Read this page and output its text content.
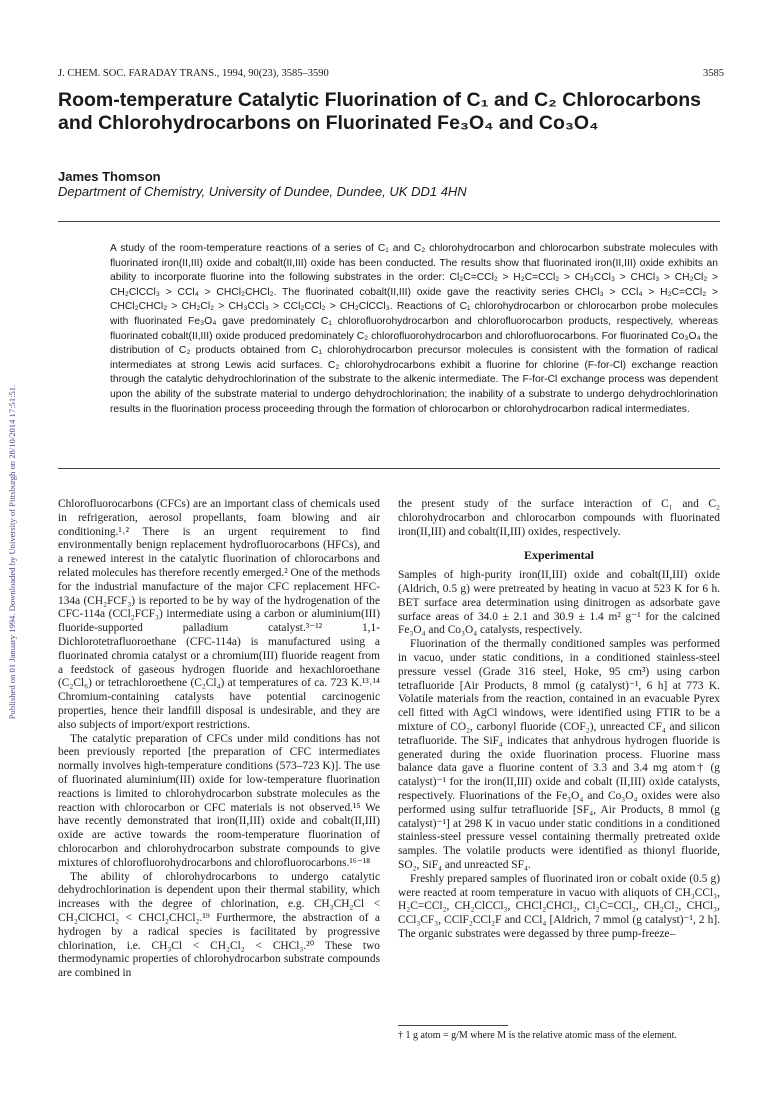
Published on 01 January 1994. Downloaded by University of Pittsburgh on 28/10/2014 17:51:51.
J. CHEM. SOC. FARADAY TRANS., 1994, 90(23), 3585–3590	3585
Room-temperature Catalytic Fluorination of C₁ and C₂ Chlorocarbons and Chlorohydrocarbons on Fluorinated Fe₃O₄ and Co₃O₄
James Thomson
Department of Chemistry, University of Dundee, Dundee, UK DD1 4HN
A study of the room-temperature reactions of a series of C₁ and C₂ chlorohydrocarbon and chlorocarbon substrate molecules with fluorinated iron(II,III) oxide and cobalt(II,III) oxide has been conducted. The results show that fluorinated iron(II,III) oxide exhibits an ability to incorporate fluorine into the following substrates in the order: Cl₂C=CCl₂ > H₂C=CCl₂ > CH₃CCl₃ > CHCl₃ > CH₂Cl₂ > CH₂ClCCl₃ > CCl₄ > CHCl₂CHCl₂. The fluorinated cobalt(II,III) oxide gave the reactivity series CHCl₃ > CCl₄ > H₂C=CCl₂ > CHCl₂CHCl₂ > CH₂Cl₂ > CH₃CCl₃ > CCl₂CCl₂ > CH₂ClCCl₃. Reactions of C₁ chlorohydrocarbon or chlorocarbon probe molecules with fluorinated Fe₃O₄ gave predominately C₁ chlorofluorohydrocarbon and chlorofluorocarbon products, respectively, whereas fluorinated cobalt(II,III) oxide produced predominately C₂ chlorofluorohydrocarbon and chlorofluorocarbons. For fluorinated Co₃O₄ the distribution of C₂ products obtained from C₁ chlorohydrocarbon precursor molecules is consistent with the formation of radical intermediates at strong Lewis acid surfaces. C₂ chlorohydrocarbons exhibit a fluorine for chlorine (F-for-Cl) exchange reaction through the catalytic dehydrochlorination of the substrate to the alkenic intermediate. The F-for-Cl exchange process was dependent upon the ability of the substrate material to undergo dehydrochlorination; the inability of a substrate to undergo dehydrochlorination results in the fluorination process proceeding through the formation of chlorocarbon or chlorohydrocarbon radical intermediates.

Chlorofluorocarbons (CFCs) are an important class of chemicals used in refrigeration, aerosol propellants, foam blowing and air conditioning.¹˒² There is an urgent requirement to find environmentally benign replacement hydrofluorocarbons (HFCs), and a renewed interest in the catalytic fluorination of chlorocarbons and related molecules has therefore recently emerged.² One of the methods for the industrial manufacture of the major CFC replacement HFC-134a (CH₂FCF₃) is reported to be by way of the hydrogenation of the CFC-114a (CCl₂FCF₃) intermediate using a carbon or aluminium(III) fluoride-supported palladium catalyst.³⁻¹² 1,1-Dichlorotetrafluoroethane (CFC-114a) is manufactured using a fluorinated chromia catalyst or a chromium(III) fluoride reagent from a feedstock of gaseous hydrogen fluoride and hexachloroethane (C₂Cl₆) or tetrachloroethene (C₂Cl₄) at temperatures of ca. 723 K.¹³˒¹⁴ Chromium-containing catalysts have potential carcinogenic properties, hence their landfill disposal is undesirable, and they are also subjects of import/export restrictions.

The catalytic preparation of CFCs under mild conditions has not been previously reported [the preparation of CFC intermediates normally involves high-temperature conditions (573–723 K)]. The use of fluorinated aluminium(III) oxide for low-temperature fluorination reactions is limited to chlorohydrocarbon substrate molecules as the reaction with chlorocarbon or CFC materials is not observed.¹⁵ We have recently demonstrated that iron(II,III) oxide and cobalt(II,III) oxide are active towards the room-temperature fluorination of chlorocarbon and chlorohydrocarbon substrate compounds to give mixtures of chlorofluorohydrocarbons and chlorofluorocarbons.¹⁶⁻¹⁸

The ability of chlorohydrocarbons to undergo catalytic dehydrochlorination is dependent upon their thermal stability, which increases with the degree of chlorination, e.g. CH₃CH₂Cl < CH₂ClCHCl₂ < CHCl₂CHCl₂.¹⁹ Furthermore, the abstraction of a hydrogen by a radical species is facilitated by progressive chlorination, i.e. CH₃Cl < CH₂Cl₂ < CHCl₃.²⁰ These two thermodynamic properties of chlorohydrocarbon substrate compounds are combined in

the present study of the surface interaction of C₁ and C₂ chlorohydrocarbon and chlorocarbon compounds with fluorinated iron(II,III) and cobalt(II,III) oxides, respectively.

Experimental

Samples of high-purity iron(II,III) oxide and cobalt(II,III) oxide (Aldrich, 0.5 g) were pretreated by heating in vacuo at 523 K for 6 h. BET surface area determination using dinitrogen as adsorbate gave surface areas of 34.0 ± 2.1 and 30.9 ± 1.4 m² g⁻¹ for the calcined Fe₃O₄ and Co₃O₄ catalysts, respectively.

Fluorination of the thermally conditioned samples was performed in vacuo, under static conditions, in a conditioned stainless-steel pressure vessel (Grade 316 steel, Hoke, 95 cm³) using carbon tetrafluoride [Air Products, 8 mmol (g catalyst)⁻¹, 6 h] at 773 K. Volatile materials from the reaction, contained in an evacuable Pyrex cell fitted with AgCl windows, were identified using FTIR to be a mixture of CO₂, carbonyl fluoride (COF₂), unreacted CF₄ and silicon tetrafluoride. The SiF₄ indicates that anhydrous hydrogen fluoride is generated during the oxide fluorination process. Fluorine mass balance data gave a fluorine content of 3.3 and 3.4 mg atom† (g catalyst)⁻¹ for the iron(II,III) oxide and cobalt (II,III) oxide catalysts, respectively. Fluorinations of the Fe₃O₄ and Co₃O₄ oxides were also performed using sulfur tetrafluoride [SF₄, Air Products, 8 mmol (g catalyst)⁻¹] at 298 K in vacuo under static conditions in a conditioned stainless-steel pressure vessel containing thermally pretreated oxide samples. The volatile products were identified as thionyl fluoride, SO₂, SiF₄ and unreacted SF₄.

Freshly prepared samples of fluorinated iron or cobalt oxide (0.5 g) were reacted at room temperature in vacuo with aliquots of CH₃CCl₃, H₂C=CCl₂, CH₂ClCCl₃, CHCl₂CHCl₂, Cl₂C=CCl₂, CH₂Cl₂, CHCl₃, CCl₃CF₃, CClF₂CCl₂F and CCl₄ [Aldrich, 7 mmol (g catalyst)⁻¹, 2 h]. The organic substrates were degassed by three pump-freeze–

† 1 g atom = g/M where M is the relative atomic mass of the element.
